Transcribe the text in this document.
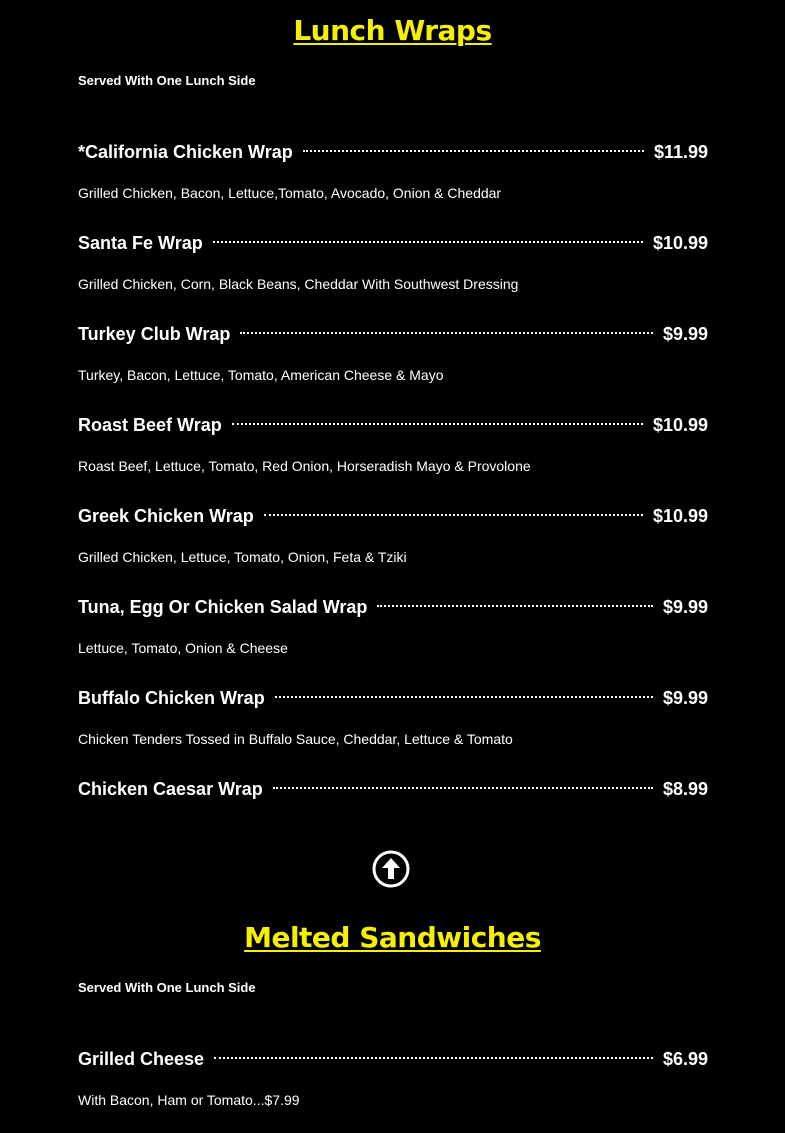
Lunch Wraps
Served With One Lunch Side
*California Chicken Wrap	$11.99
Grilled Chicken, Bacon, Lettuce,Tomato, Avocado, Onion & Cheddar
Santa Fe Wrap	$10.99
Grilled Chicken, Corn, Black Beans, Cheddar With Southwest Dressing
Turkey Club Wrap	$9.99
Turkey, Bacon, Lettuce, Tomato, American Cheese & Mayo
Roast Beef Wrap	$10.99
Roast Beef, Lettuce, Tomato, Red Onion, Horseradish Mayo & Provolone
Greek Chicken Wrap	$10.99
Grilled Chicken, Lettuce, Tomato, Onion, Feta & Tziki
Tuna, Egg Or Chicken Salad Wrap	$9.99
Lettuce, Tomato, Onion & Cheese
Buffalo Chicken Wrap	$9.99
Chicken Tenders Tossed in Buffalo Sauce, Cheddar, Lettuce & Tomato
Chicken Caesar Wrap	$8.99
Melted Sandwiches
Served With One Lunch Side
Grilled Cheese	$6.99
With Bacon, Ham or Tomato...$7.99
